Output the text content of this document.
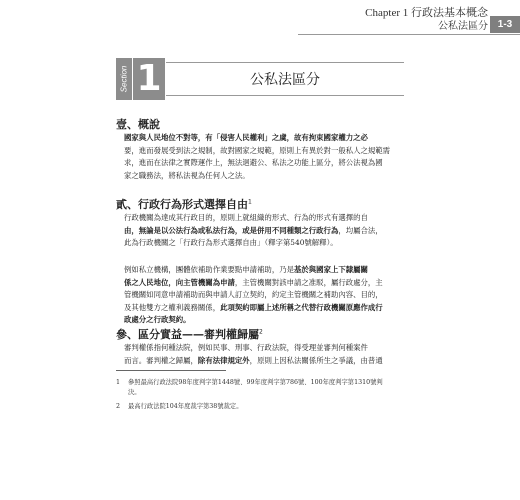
Chapter 1 行政法基本概念
公私法區分 1-3
Section 1	公私法區分
壹、概說
國家與人民地位不對等，有「侵害人民權利」之虞，故有拘束國家權力之必
要，進而發展受到法之規制，故對國家之規範，原則上有異於對一般私人之規範需
求，進而在法律之實際運作上，無法迴避公、私法之功能上區分，將公法視為國
家之職務法，將私法視為任何人之法。
貳、行政行為形式選擇自由$^1$
行政機關為達成其行政目的，原則上就組織的形式、行為的形式有選擇的自
由，無論是以公法行為或私法行為，或是併用不同種類之行政行為，均屬合法，
此為行政機關之「行政行為形式選擇自由」（釋字第540號解釋）。
例如私立機構，團體依補助作業要點申請補助，乃是基於與國家上下隸屬關
係之人民地位，向主管機關為申請，主管機關對該申請之准駁，屬行政處分，主
管機關如同意申請補助而與申請人訂立契約，約定主管機關之補助內容、目的，
及其他雙方之權利義務關係，此項契約即屬上述所稱之代替行政機關原應作成行
政處分之行政契約。
參、區分實益——審判權歸屬$^2$
審判權係指何種法院，例如民事、刑事、行政法院，得受理並審判何種案件
而言。審判權之歸屬，除有法律規定外，原則上因私法關係所生之爭議，由普通
1 參照最高行政法院98年度判字第1448號、99年度判字第786號、100年度判字第1310號判
決。
2 最高行政法院104年度裁字第38號裁定。
